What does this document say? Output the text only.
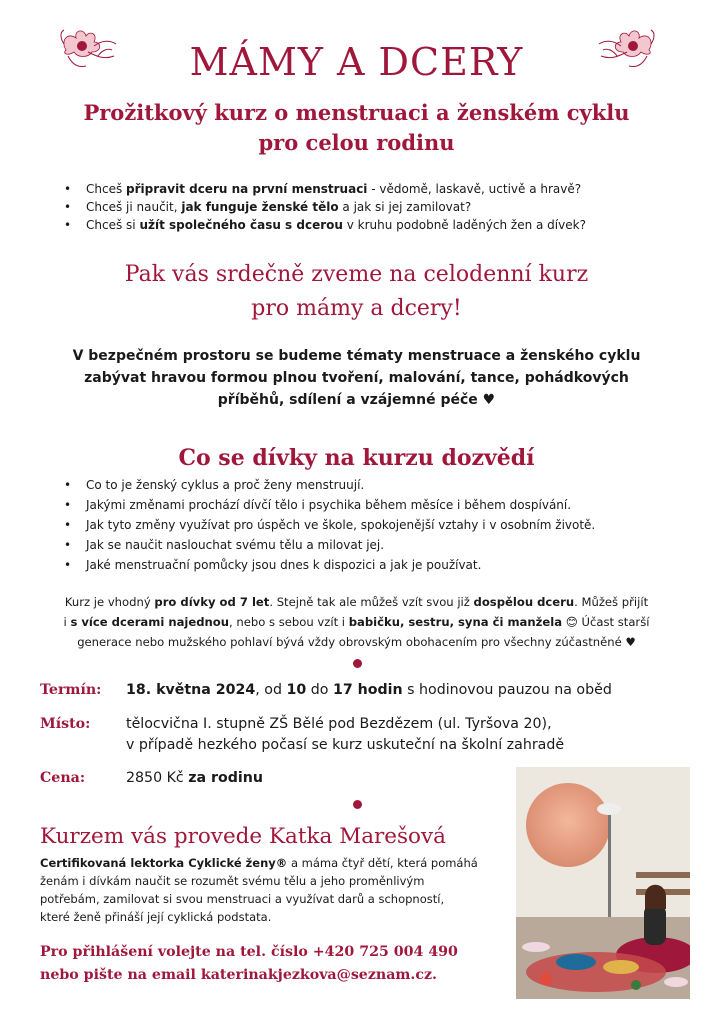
MÁMY A DCERY
Prožitkový kurz o menstruaci a ženském cyklu
pro celou rodinu
• Chceš připravit dceru na první menstruaci - vědomě, laskavě, uctivě a hravě?
• Chceš ji naučit, jak funguje ženské tělo a jak si jej zamilovat?
• Chceš si užít společného času s dcerou v kruhu podobně laděných žen a dívek?
Pak vás srdečně zveme na celodenní kurz
pro mámy a dcery!
V bezpečném prostoru se budeme tématy menstruace a ženského cyklu
zabývat hravou formou plnou tvoření, malování, tance, pohádkových
příběhů, sdílení a vzájemné péče ♥
Co se dívky na kurzu dozvědí
• Co to je ženský cyklus a proč ženy menstruují.
• Jakými změnami prochází dívčí tělo i psychika během měsíce i během dospívání.
• Jak tyto změny využívat pro úspěch ve škole, spokojenější vztahy i v osobním životě.
• Jak se naučit naslouchat svému tělu a milovat jej.
• Jaké menstruační pomůcky jsou dnes k dispozici a jak je používat.
Kurz je vhodný pro dívky od 7 let. Stejně tak ale můžeš vzít svou již dospělou dceru. Můžeš přijít
i s více dcerami najednou, nebo s sebou vzít i babičku, sestru, syna či manžela 😊 Účast starší
generace nebo mužského pohlaví bývá vždy obrovským obohacením pro všechny zúčastněné ♥
Termín: 18. května 2024, od 10 do 17 hodin s hodinovou pauzou na oběd
Místo:	tělocvična I. stupně ZŠ Bělé pod Bezdězem (ul. Tyršova 20),
v případě hezkého počasí se kurz uskuteční na školní zahradě
Cena:	2850 Kč za rodinu
Kurzem vás provede Katka Marešová
Certifikovaná lektorka Cyklické ženy® a máma čtyř dětí, která pomáhá
ženám i dívkám naučit se rozumět svému tělu a jeho proměnlivým
potřebám, zamilovat si svou menstruaci a využívat darů a schopností,
které ženě přináší její cyklická podstata.
Pro přihlášení volejte na tel. číslo +420 725 004 490
nebo pište na email katerinakjezkova@seznam.cz.
